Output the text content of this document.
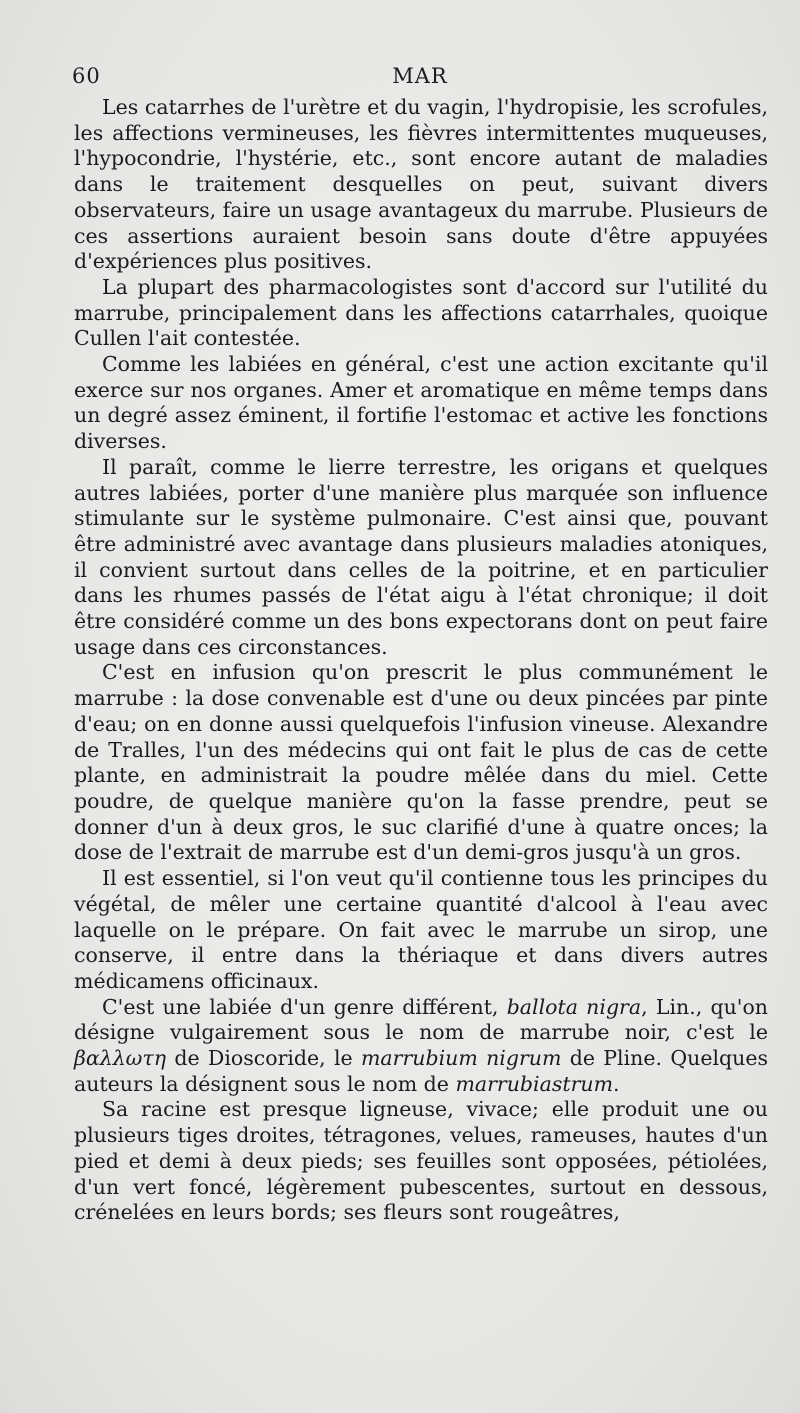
60	MAR

Les catarrhes de l'urètre et du vagin, l'hydropisie, les scrofules, les affections vermineuses, les fièvres intermittentes muqueuses, l'hypocondrie, l'hystérie, etc., sont encore autant de maladies dans le traitement desquelles on peut, suivant divers observateurs, faire un usage avantageux du marrube. Plusieurs de ces assertions auraient besoin sans doute d'être appuyées d'expériences plus positives.

La plupart des pharmacologistes sont d'accord sur l'utilité du marrube, principalement dans les affections catarrhales, quoique Cullen l'ait contestée.

Comme les labiées en général, c'est une action excitante qu'il exerce sur nos organes. Amer et aromatique en même temps dans un degré assez éminent, il fortifie l'estomac et active les fonctions diverses.

Il paraît, comme le lierre terrestre, les origans et quelques autres labiées, porter d'une manière plus marquée son influence stimulante sur le système pulmonaire. C'est ainsi que, pouvant être administré avec avantage dans plusieurs maladies atoniques, il convient surtout dans celles de la poitrine, et en particulier dans les rhumes passés de l'état aigu à l'état chronique; il doit être considéré comme un des bons expectorans dont on peut faire usage dans ces circonstances.

C'est en infusion qu'on prescrit le plus communément le marrube : la dose convenable est d'une ou deux pincées par pinte d'eau; on en donne aussi quelquefois l'infusion vineuse. Alexandre de Tralles, l'un des médecins qui ont fait le plus de cas de cette plante, en administrait la poudre mêlée dans du miel. Cette poudre, de quelque manière qu'on la fasse prendre, peut se donner d'un à deux gros, le suc clarifié d'une à quatre onces; la dose de l'extrait de marrube est d'un demi-gros jusqu'à un gros.

Il est essentiel, si l'on veut qu'il contienne tous les principes du végétal, de mêler une certaine quantité d'alcool à l'eau avec laquelle on le prépare. On fait avec le marrube un sirop, une conserve, il entre dans la thériaque et dans divers autres médicamens officinaux.

C'est une labiée d'un genre différent, ballota nigra, Lin., qu'on désigne vulgairement sous le nom de marrube noir, c'est le βαλλωτη de Dioscoride, le marrubium nigrum de Pline. Quelques auteurs la désignent sous le nom de marrubiastrum.

Sa racine est presque ligneuse, vivace; elle produit une ou plusieurs tiges droites, tétragones, velues, rameuses, hautes d'un pied et demi à deux pieds; ses feuilles sont opposées, pétiolées, d'un vert foncé, légèrement pubescentes, surtout en dessous, crénelées en leurs bords; ses fleurs sont rougeâtres,
